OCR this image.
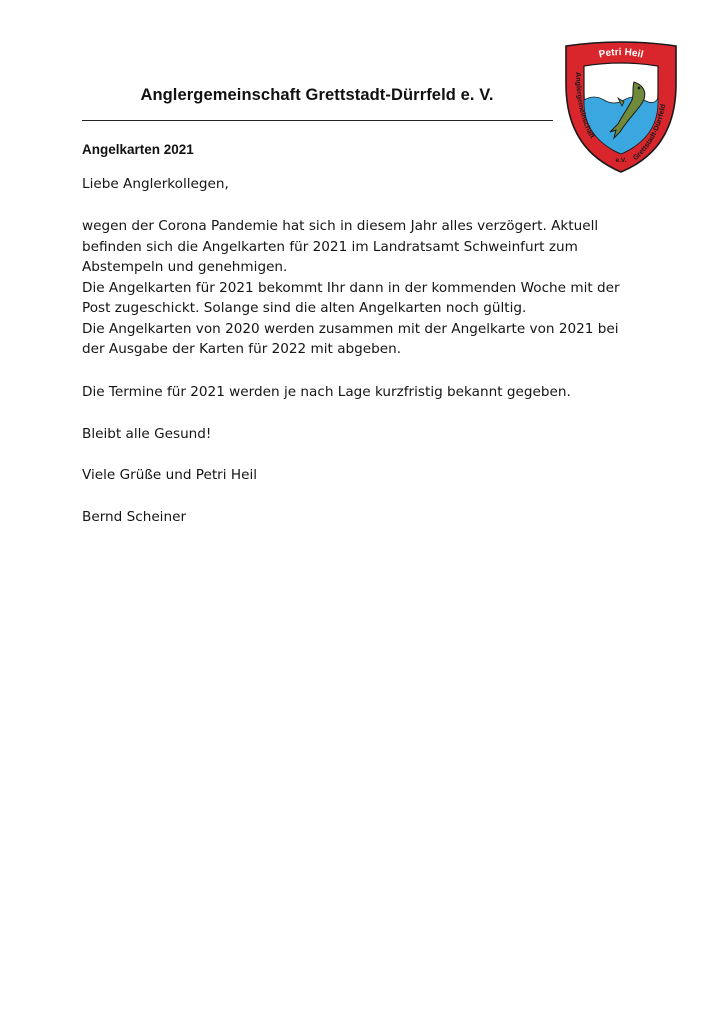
Anglergemeinschaft Grettstadt-Dürrfeld e. V.
Petri Heil
Anglergemeinschaft
Grettstadt-Dürrfeld
e.V.
Angelkarten 2021

Liebe Anglerkollegen,

wegen der Corona Pandemie hat sich in diesem Jahr alles verzögert. Aktuell

befinden sich die Angelkarten für 2021 im Landratsamt Schweinfurt zum

Abstempeln und genehmigen.

Die Angelkarten für 2021 bekommt Ihr dann in der kommenden Woche mit der

Post zugeschickt. Solange sind die alten Angelkarten noch gültig.

Die Angelkarten von 2020 werden zusammen mit der Angelkarte von 2021 bei

der Ausgabe der Karten für 2022 mit abgeben.

Die Termine für 2021 werden je nach Lage kurzfristig bekannt gegeben.

Bleibt alle Gesund!

Viele Grüße und Petri Heil

Bernd Scheiner
